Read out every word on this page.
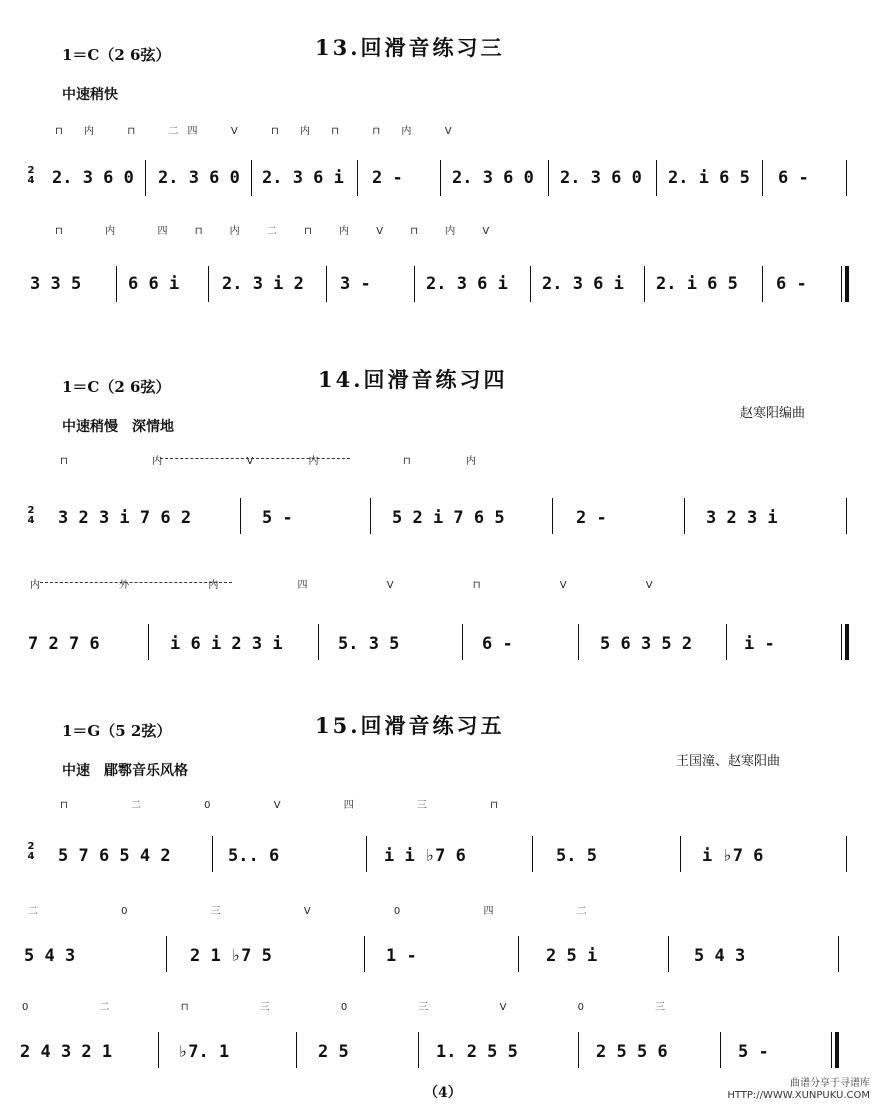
1＝C（2 6弦）	13.回滑音练习三
中速稍快
⊓ 内  ⊓  二四  V  ⊓ 内 ⊓  ⊓ 内  V
2
4 2. 3 6 0 2. 3 6 0 2. 3 6 i 2 -	2. 3 6 0 2. 3 6 0 2. i 6 5 6 -
⊓  内  四 ⊓ 内 二 ⊓ 内 V ⊓ 内 V
3 3 5	6 6 i	2. 3 i 2 3 -	2. 3 6 i 2. 3 6 i 2. i 6 5 6 -
1＝C（2 6弦）	14.回滑音练习四
中速稍慢　深情地
赵寒阳编曲
⊓  内  V 内  ⊓ 内
2
4 3 2 3 i 7 6 2	5 -	5 2 i 7 6 5	2 -	3 2 3 i
内 外 内 四 V ⊓ V V
7 2 7 6	i 6 i 2 3 i	5. 3 5	6 -	5 6 3 5 2	i -
1＝G（5 2弦）	15.回滑音练习五
中速　郿鄠音乐风格
王国潼、赵寒阳曲
⊓ 二 0 V 四 三 ⊓
2
4 5 7 6 5 4 2	5.. 6	i i ♭7 6	5. 5	i ♭7 6
二 0 三 V 0 四 二
5 4 3	2 1 ♭7 5	1 -	2 5 i	5 4 3
0 二 ⊓ 三 0 三 V 0 三
2 4 3 2 1	♭7. 1	2 5	1. 2 5 5	2 5 5 6	5 -
（4）
曲谱分享于寻谱库
HTTP://WWW.XUNPUKU.COM
